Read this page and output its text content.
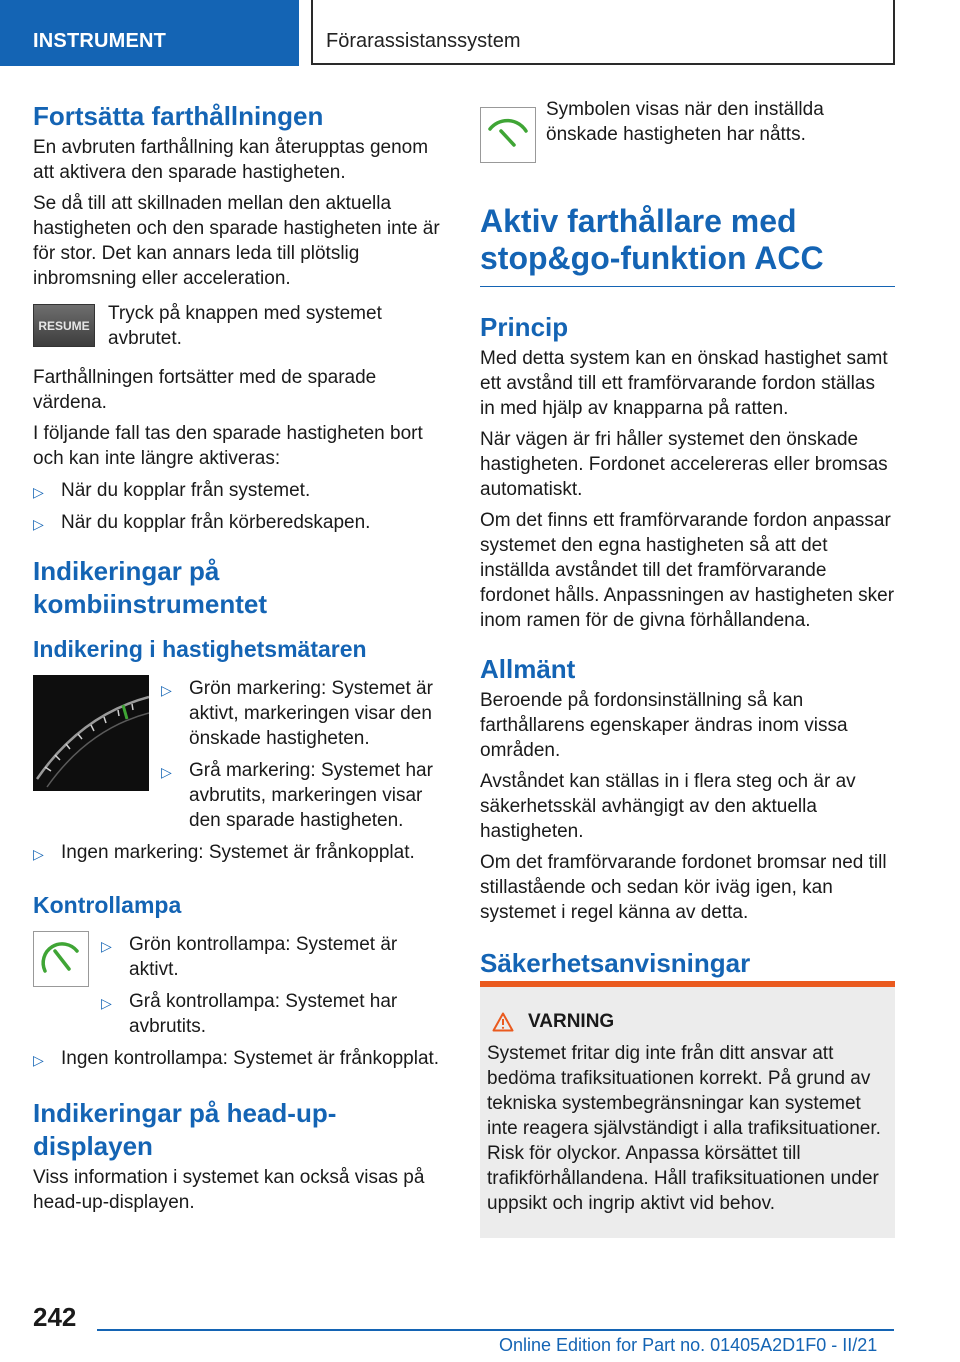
INSTRUMENT	Förarassistanssystem
Fortsätta farthållningen

En avbruten farthållning kan återupptas genom att aktivera den sparade hastigheten.

Se då till att skillnaden mellan den aktuella hastigheten och den sparade hastigheten inte är för stor. Det kan annars leda till plötslig inbromsning eller acceleration.

RESUME
Tryck på knappen med systemet avbrutet.

Farthållningen fortsätter med de sparade värdena.

I följande fall tas den sparade hastigheten bort och kan inte längre aktiveras:

▷ När du kopplar från systemet.
▷ När du kopplar från körberedskapen.
Indikeringar på kombiinstrumentet
Indikering i hastighetsmätaren
▷ Grön markering: Systemet är aktivt, markeringen visar den önskade hastigheten.
▷ Grå markering: Systemet har avbrutits, markeringen visar den sparade hastigheten.
▷ Ingen markering: Systemet är frånkopplat.
Kontrollampa
▷ Grön kontrollampa: Systemet är aktivt.
▷ Grå kontrollampa: Systemet har avbrutits.
▷ Ingen kontrollampa: Systemet är frånkopplat.
Indikeringar på head-up-displayen

Viss information i systemet kan också visas på head-up-displayen.

Symbolen visas när den inställda önskade hastigheten har nåtts.
Aktiv farthållare med stop&go-funktion ACC
Princip

Med detta system kan en önskad hastighet samt ett avstånd till ett framförvarande fordon ställas in med hjälp av knapparna på ratten.

När vägen är fri håller systemet den önskade hastigheten. Fordonet accelereras eller bromsas automatiskt.

Om det finns ett framförvarande fordon anpassar systemet den egna hastigheten så att det inställda avståndet till det framförvarande fordonet hålls. Anpassningen av hastigheten sker inom ramen för de givna förhållandena.

Allmänt

Beroende på fordonsinställning så kan farthållarens egenskaper ändras inom vissa områden.

Avståndet kan ställas in i flera steg och är av säkerhetsskäl avhängigt av den aktuella hastigheten.

Om det framförvarande fordonet bromsar ned till stillastående och sedan kör iväg igen, kan systemet i regel känna av detta.

Säkerhetsanvisningar
VARNING

Systemet fritar dig inte från ditt ansvar att bedöma trafiksituationen korrekt. På grund av tekniska systembegränsningar kan systemet inte reagera självständigt i alla trafiksituationer. Risk för olyckor. Anpassa körsättet till trafikförhållandena. Håll trafiksituationen under uppsikt och ingrip aktivt vid behov.

242
Online Edition for Part no. 01405A2D1F0 - II/21
